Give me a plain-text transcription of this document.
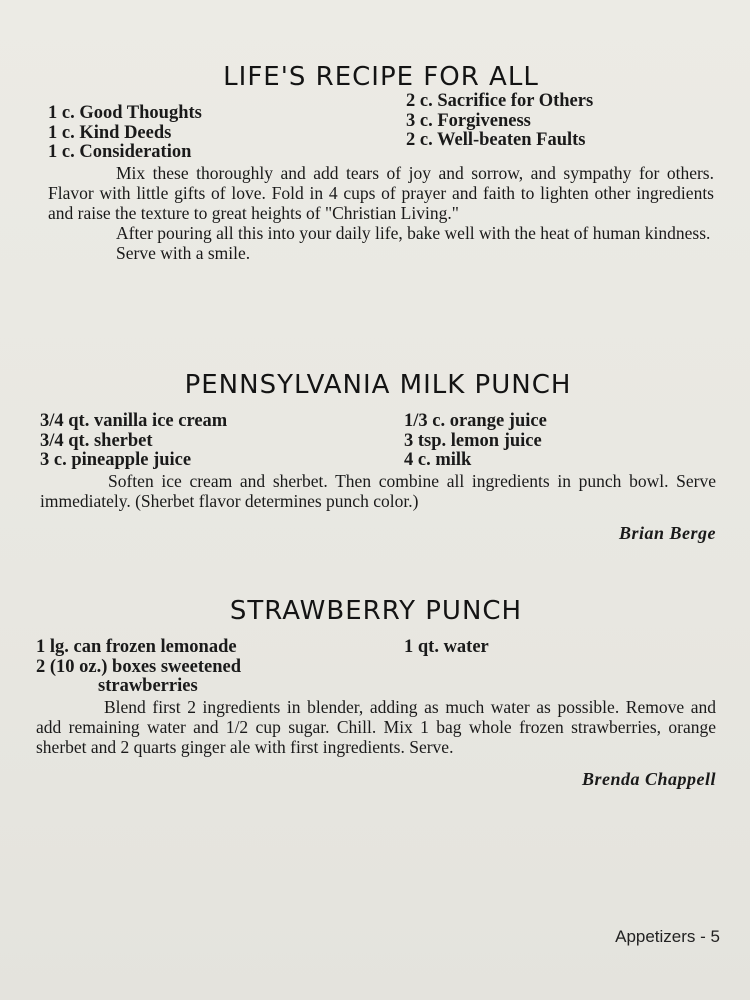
LIFE'S RECIPE FOR ALL
1 c. Good Thoughts
1 c. Kind Deeds
1 c. Consideration
2 c. Sacrifice for Others
3 c. Forgiveness
2 c. Well-beaten Faults

Mix these thoroughly and add tears of joy and sorrow, and sympathy for others. Flavor with little gifts of love. Fold in 4 cups of prayer and faith to lighten other ingredients and raise the texture to great heights of "Christian Living."

After pouring all this into your daily life, bake well with the heat of human kindness.

Serve with a smile.

PENNSYLVANIA MILK PUNCH
3/4 qt. vanilla ice cream
3/4 qt. sherbet
3 c. pineapple juice
1/3 c. orange juice
3 tsp. lemon juice
4 c. milk

Soften ice cream and sherbet. Then combine all ingredients in punch bowl. Serve immediately. (Sherbet flavor determines punch color.)

Brian Berge
STRAWBERRY PUNCH
1 lg. can frozen lemonade
2 (10 oz.) boxes sweetened
strawberries
1 qt. water

Blend first 2 ingredients in blender, adding as much water as possible. Remove and add remaining water and 1/2 cup sugar. Chill. Mix 1 bag whole frozen strawberries, orange sherbet and 2 quarts ginger ale with first ingredients. Serve.

Brenda Chappell
Appetizers - 5
